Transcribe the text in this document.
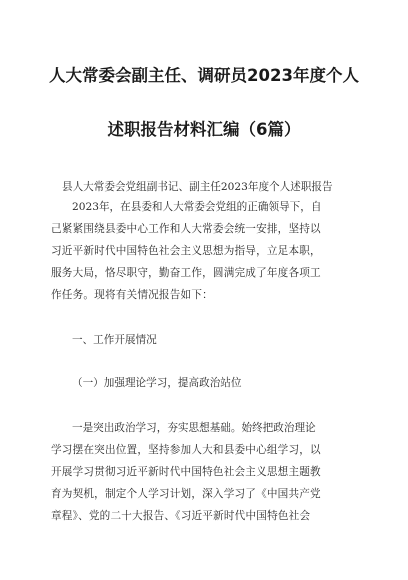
人大常委会副主任、调研员2023年度个人
述职报告材料汇编（6篇）
县人大常委会党组副书记、副主任2023年度个人述职报告
2023年，在县委和人大常委会党组的正确领导下，自
己紧紧围绕县委中心工作和人大常委会统一安排，坚持以
习近平新时代中国特色社会主义思想为指导，立足本职，
服务大局，恪尽职守，勤奋工作，圆满完成了年度各项工
作任务。现将有关情况报告如下：
一、工作开展情况
（一）加强理论学习，提高政治站位
一是突出政治学习，夯实思想基础。始终把政治理论
学习摆在突出位置，坚持参加人大和县委中心组学习，以
开展学习贯彻习近平新时代中国特色社会主义思想主题教
育为契机，制定个人学习计划，深入学习了《中国共产党
章程》、党的二十大报告、《习近平新时代中国特色社会
